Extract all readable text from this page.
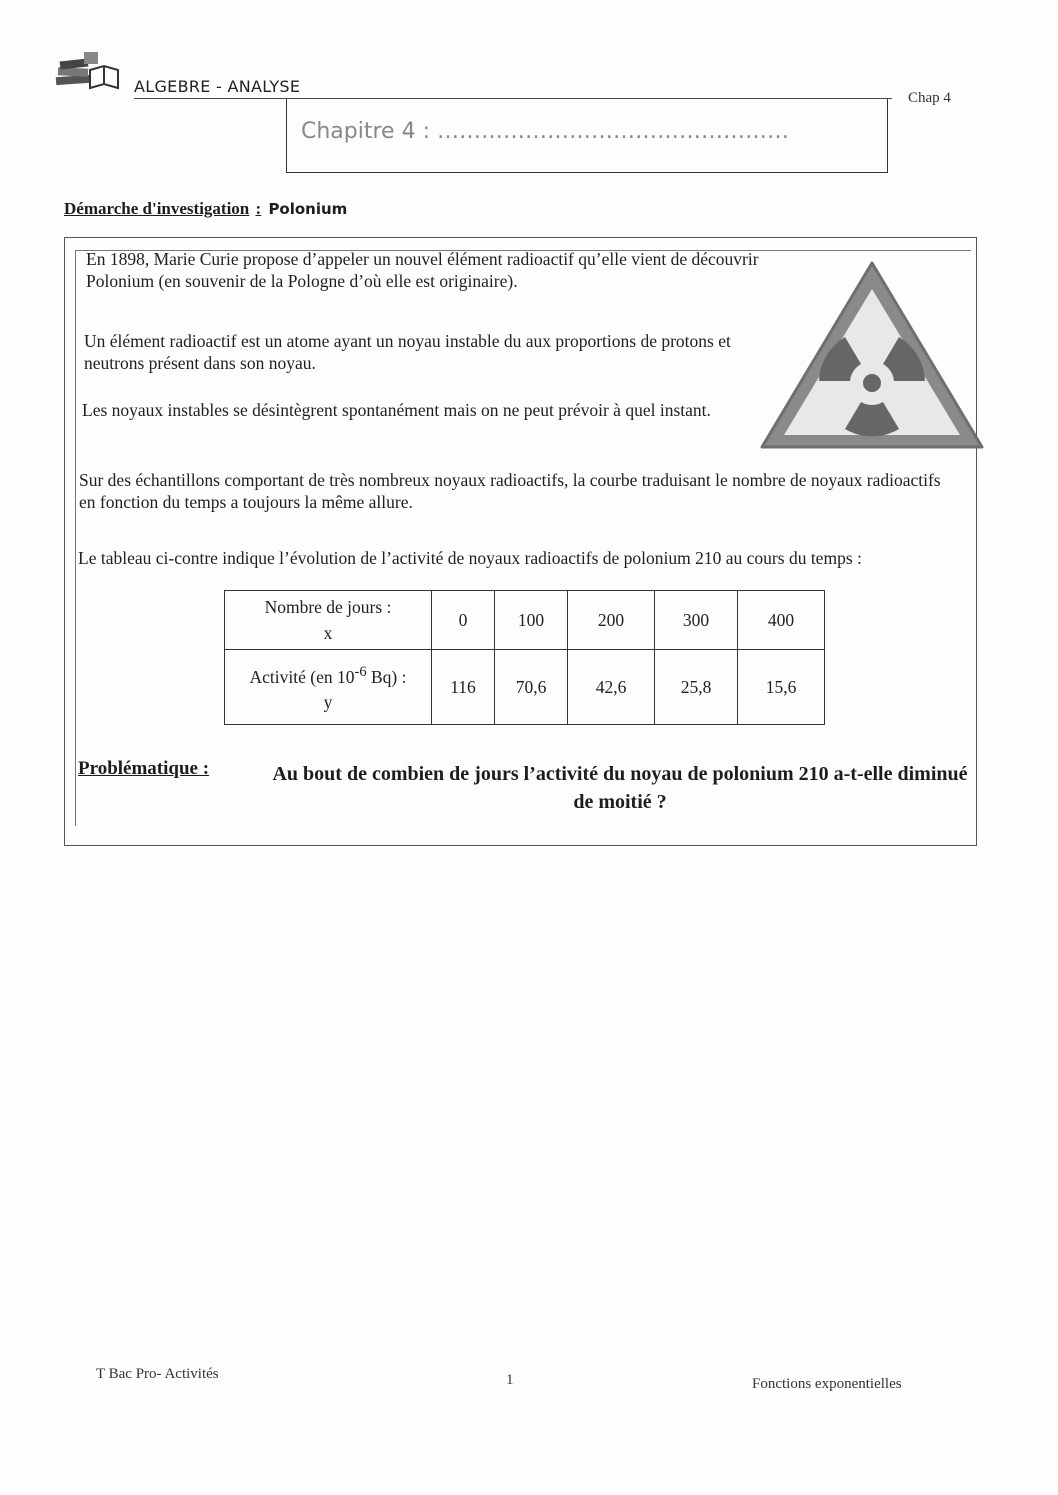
ALGEBRE - ANALYSE
Chap 4
Chapitre 4 : …………………………………………
Démarche d'investigation : Polonium
En 1898, Marie Curie propose d’appeler un nouvel élément radioactif qu’elle vient de découvrir Polonium (en souvenir de la Pologne d’où elle est originaire).
Un élément radioactif est un atome ayant un noyau instable du aux proportions de protons et neutrons présent dans son noyau.
Les noyaux instables se désintègrent spontanément mais on ne peut prévoir à quel instant.
Sur des échantillons comportant de très nombreux noyaux radioactifs, la courbe traduisant le nombre de noyaux radioactifs en fonction du temps a toujours la même allure.
Le tableau ci-contre indique l’évolution de l’activité de noyaux radioactifs de polonium 210 au cours du temps :
Nombre de jours :
x	0	100	200	300	400
Activité (en $10^{-6}$ Bq) :
y	116	70,6	42,6	25,8	15,6
Problématique :	Au bout de combien de jours l’activité du noyau de polonium 210 a-t-elle diminué de moitié ?
T Bac Pro- Activités	1	Fonctions exponentielles
